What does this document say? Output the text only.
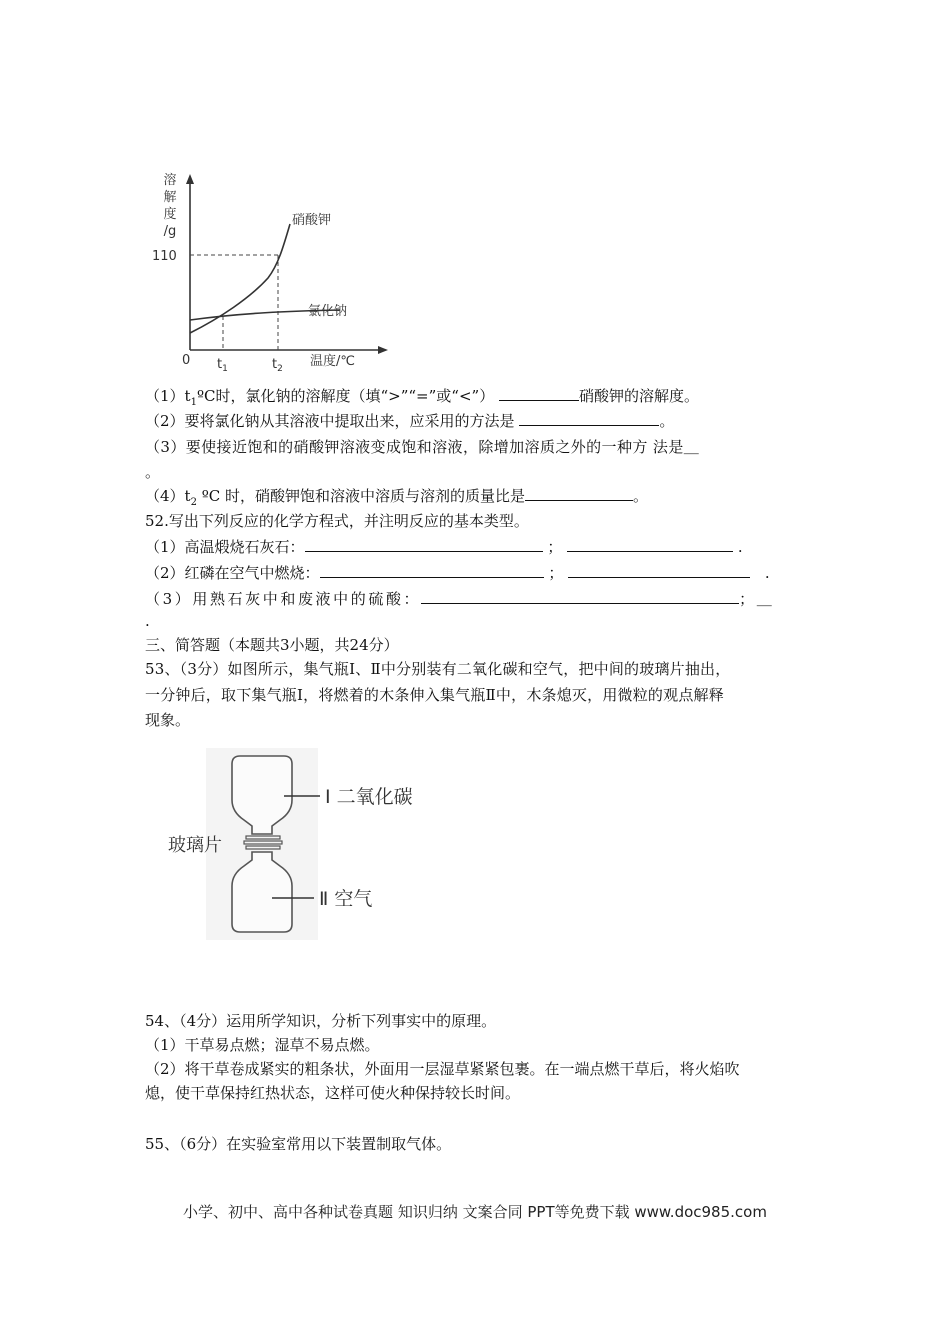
溶
解
度
/g
110
硝酸钾
氯化钠
0 $t_1$	$t_2$ 温度/℃
$(1)t_1ºC$时，氯化钠的溶解度（填“>”“=”或“<”）	硝酸钾的溶解度。
（2）要将氯化钠从其溶液中提取出来，应采用的方法是	。
（3）要使接近饱和的硝酸钾溶液变成饱和溶液，除增加溶质之外的一种方 法是＿
。
$(4)t_2$ ºC 时，硝酸钾饱和溶液中溶质与溶剂的质量比是	。
52.写出下列反应的化学方程式，并注明反应的基本类型。
（1）高温煅烧石灰石：	；	.
（2）红磷在空气中燃烧：	；	.
（3）用熟石灰中和废液中的硫酸：	；＿
.
三、简答题（本题共3小题，共24分）
53、（3分）如图所示，集气瓶Ⅰ、Ⅱ中分别装有二氧化碳和空气，把中间的玻璃片抽出，
一分钟后，取下集气瓶Ⅰ，将燃着的木条伸入集气瓶Ⅱ中，木条熄灭，用微粒的观点解释
现象。
玻璃片
Ⅰ 二氧化碳
Ⅱ 空气
54、（4分）运用所学知识，分析下列事实中的原理。
（1）干草易点燃；湿草不易点燃。
（2）将干草卷成紧实的粗条状，外面用一层湿草紧紧包裹。在一端点燃干草后，将火焰吹
熄，使干草保持红热状态，这样可使火种保持较长时间。
55、（6分）在实验室常用以下装置制取气体。
小学、初中、高中各种试卷真题 知识归纳 文案合同 PPT等免费下载 www.doc985.com
